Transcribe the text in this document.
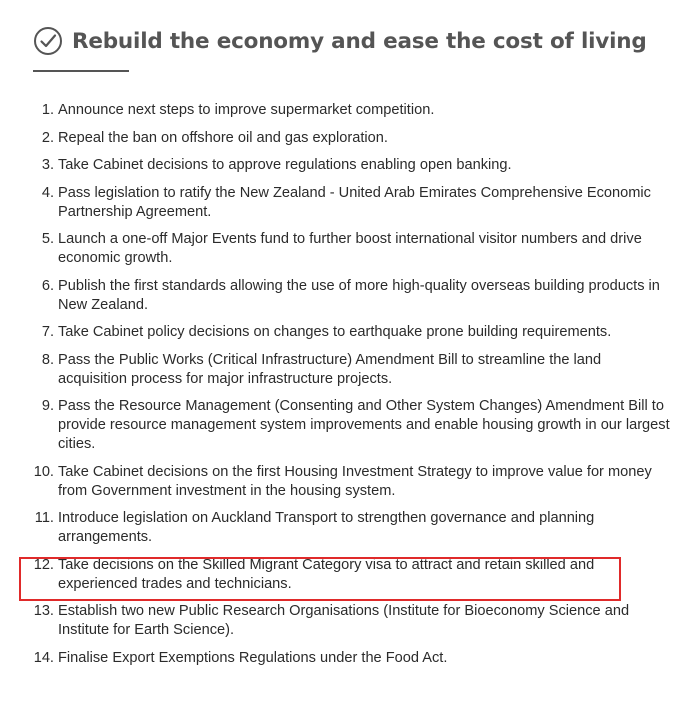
Rebuild the economy and ease the cost of living
1. Announce next steps to improve supermarket competition.
2. Repeal the ban on offshore oil and gas exploration.
3. Take Cabinet decisions to approve regulations enabling open banking.
4. Pass legislation to ratify the New Zealand - United Arab Emirates Comprehensive Economic Partnership Agreement.
5. Launch a one-off Major Events fund to further boost international visitor numbers and drive economic growth.
6. Publish the first standards allowing the use of more high-quality overseas building products in New Zealand.
7. Take Cabinet policy decisions on changes to earthquake prone building requirements.
8. Pass the Public Works (Critical Infrastructure) Amendment Bill to streamline the land acquisition process for major infrastructure projects.
9. Pass the Resource Management (Consenting and Other System Changes) Amendment Bill to provide resource management system improvements and enable housing growth in our largest cities.
10. Take Cabinet decisions on the first Housing Investment Strategy to improve value for money from Government investment in the housing system.
11. Introduce legislation on Auckland Transport to strengthen governance and planning arrangements.
12. Take decisions on the Skilled Migrant Category visa to attract and retain skilled and experienced trades and technicians.
13. Establish two new Public Research Organisations (Institute for Bioeconomy Science and Institute for Earth Science).
14. Finalise Export Exemptions Regulations under the Food Act.
